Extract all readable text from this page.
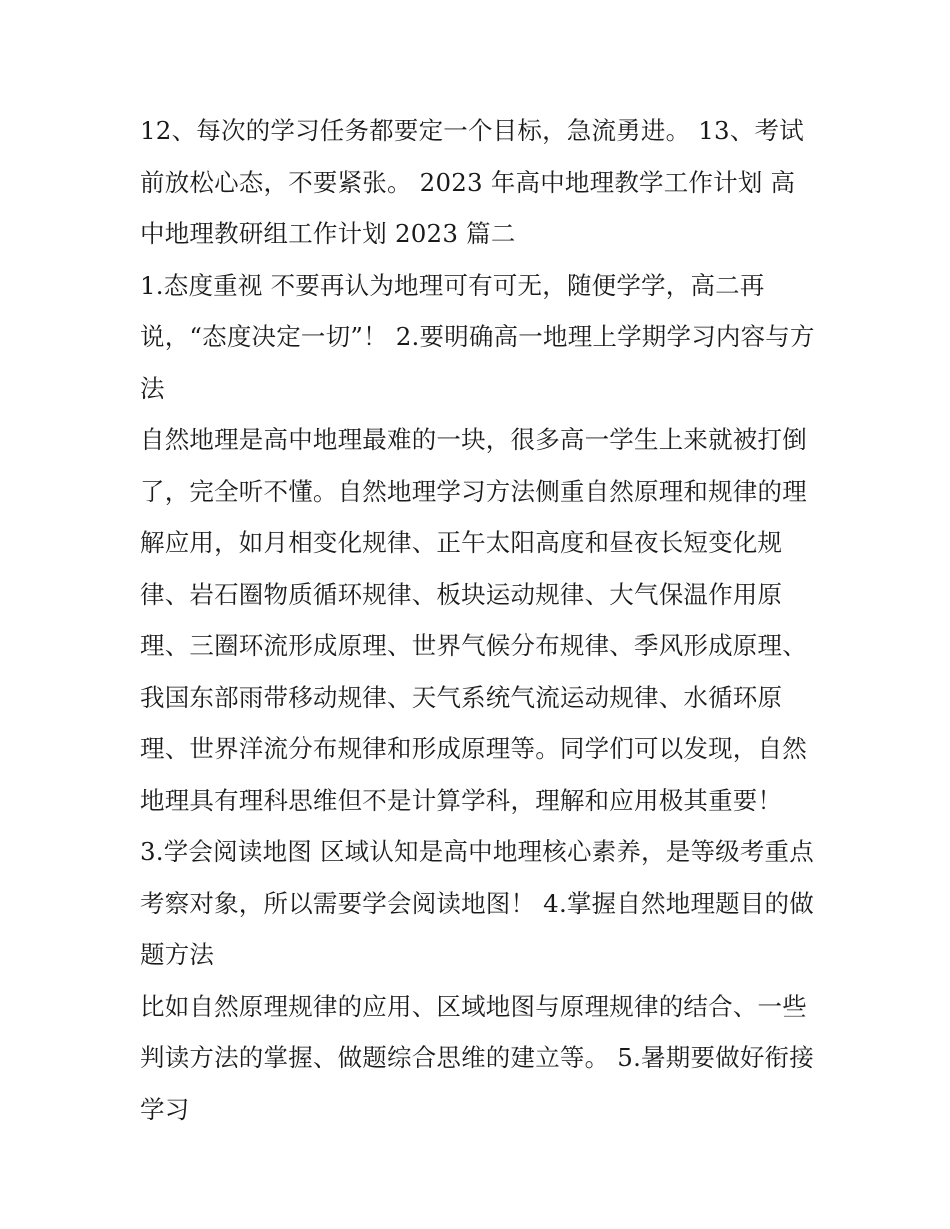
12、每次的学习任务都要定一个目标，急流勇进。 13、考试前放松心态，不要紧张。 2023 年高中地理教学工作计划 高中地理教研组工作计划 2023 篇二

1.态度重视 不要再认为地理可有可无，随便学学，高二再说，“态度决定一切”！ 2.要明确高一地理上学期学习内容与方法

自然地理是高中地理最难的一块，很多高一学生上来就被打倒了，完全听不懂。自然地理学习方法侧重自然原理和规律的理解应用，如月相变化规律、正午太阳高度和昼夜长短变化规律、岩石圈物质循环规律、板块运动规律、大气保温作用原理、三圈环流形成原理、世界气候分布规律、季风形成原理、我国东部雨带移动规律、天气系统气流运动规律、水循环原理、世界洋流分布规律和形成原理等。同学们可以发现，自然地理具有理科思维但不是计算学科，理解和应用极其重要！

3.学会阅读地图 区域认知是高中地理核心素养，是等级考重点考察对象，所以需要学会阅读地图！ 4.掌握自然地理题目的做题方法

比如自然原理规律的应用、区域地图与原理规律的结合、一些判读方法的掌握、做题综合思维的建立等。 5.暑期要做好衔接学习
